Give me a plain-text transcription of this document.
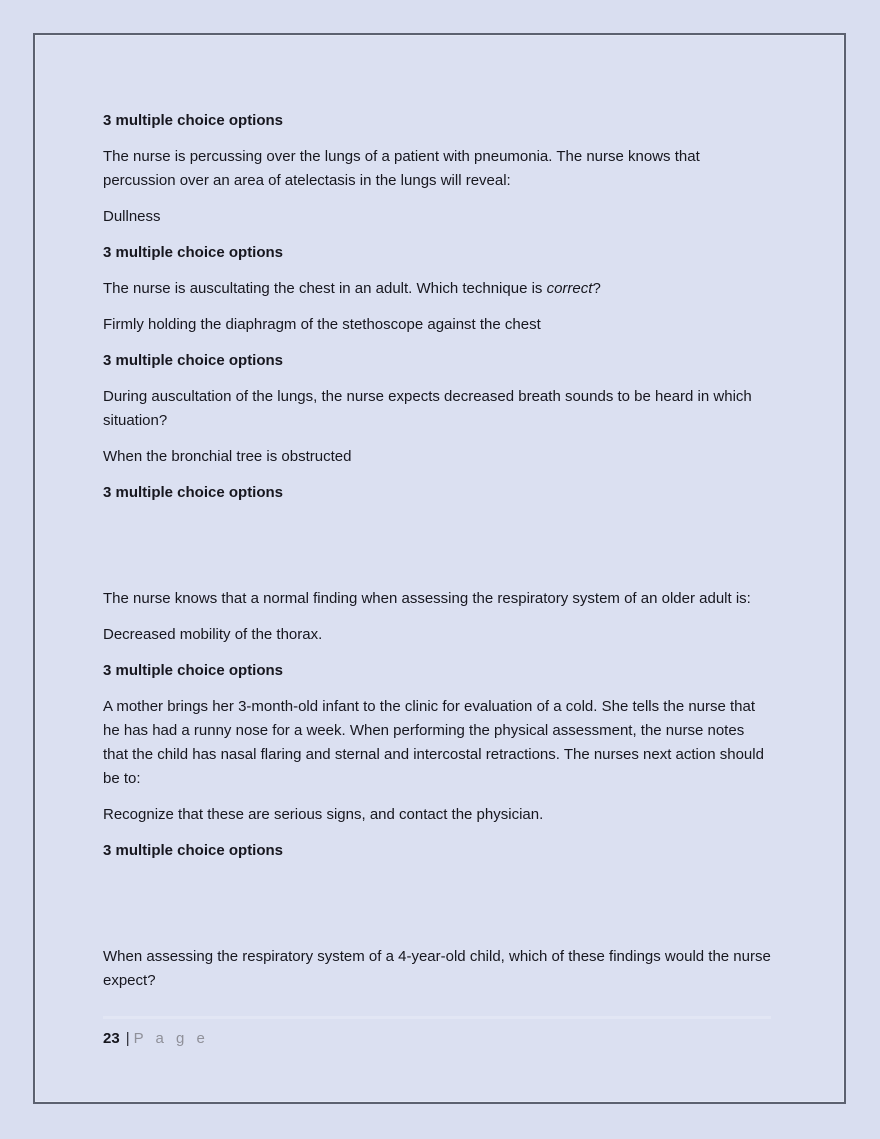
3 multiple choice options
The nurse is percussing over the lungs of a patient with pneumonia. The nurse knows that percussion over an area of atelectasis in the lungs will reveal:
Dullness
3 multiple choice options
The nurse is auscultating the chest in an adult. Which technique is correct?
Firmly holding the diaphragm of the stethoscope against the chest
3 multiple choice options
During auscultation of the lungs, the nurse expects decreased breath sounds to be heard in which situation?
When the bronchial tree is obstructed
3 multiple choice options
The nurse knows that a normal finding when assessing the respiratory system of an older adult is:
Decreased mobility of the thorax.
3 multiple choice options
A mother brings her 3-month-old infant to the clinic for evaluation of a cold. She tells the nurse that he has had a runny nose for a week. When performing the physical assessment, the nurse notes that the child has nasal flaring and sternal and intercostal retractions. The nurses next action should be to:
Recognize that these are serious signs, and contact the physician.
3 multiple choice options
When assessing the respiratory system of a 4-year-old child, which of these findings would the nurse expect?
23 | P a g e
